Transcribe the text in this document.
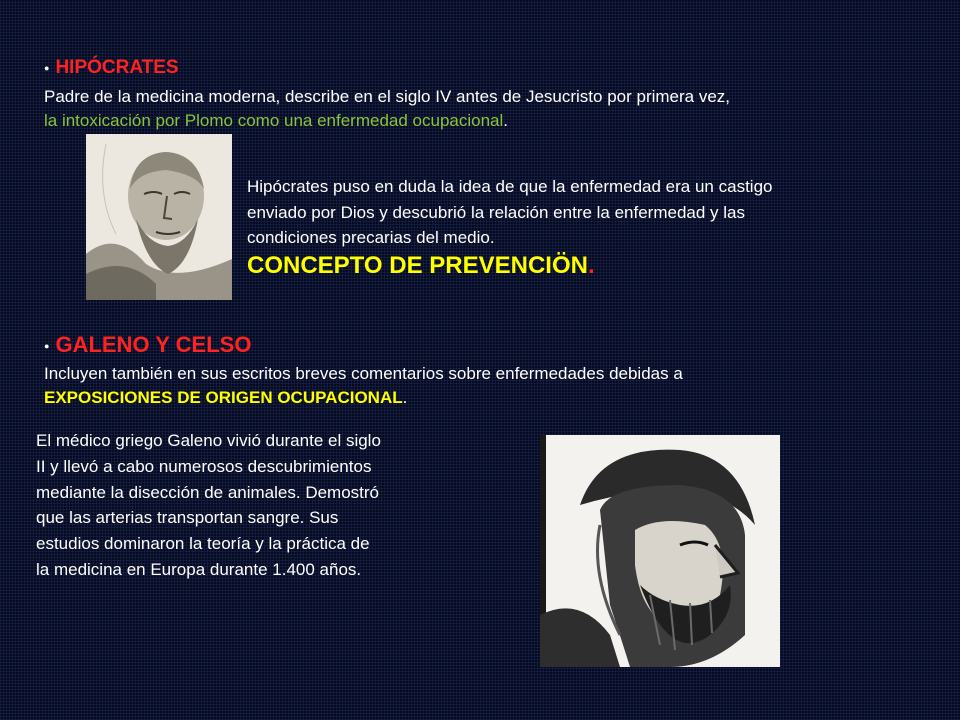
● HIPÓCRATES
Padre de la medicina moderna, describe en el siglo IV antes de Jesucristo por primera vez,
la intoxicación por Plomo como una enfermedad ocupacional.
Hipócrates puso en duda la idea de que la enfermedad era un castigo enviado por Dios y descubrió la relación entre la enfermedad y las condiciones precarias del medio.
CONCEPTO DE PREVENCIÖN.
● GALENO Y CELSO
Incluyen también en sus escritos breves comentarios sobre enfermedades debidas a
EXPOSICIONES DE ORIGEN OCUPACIONAL.
El médico griego Galeno vivió durante el siglo II y llevó a cabo numerosos descubrimientos mediante la disección de animales. Demostró que las arterias transportan sangre. Sus estudios dominaron la teoría y la práctica de la medicina en Europa durante 1.400 años.
